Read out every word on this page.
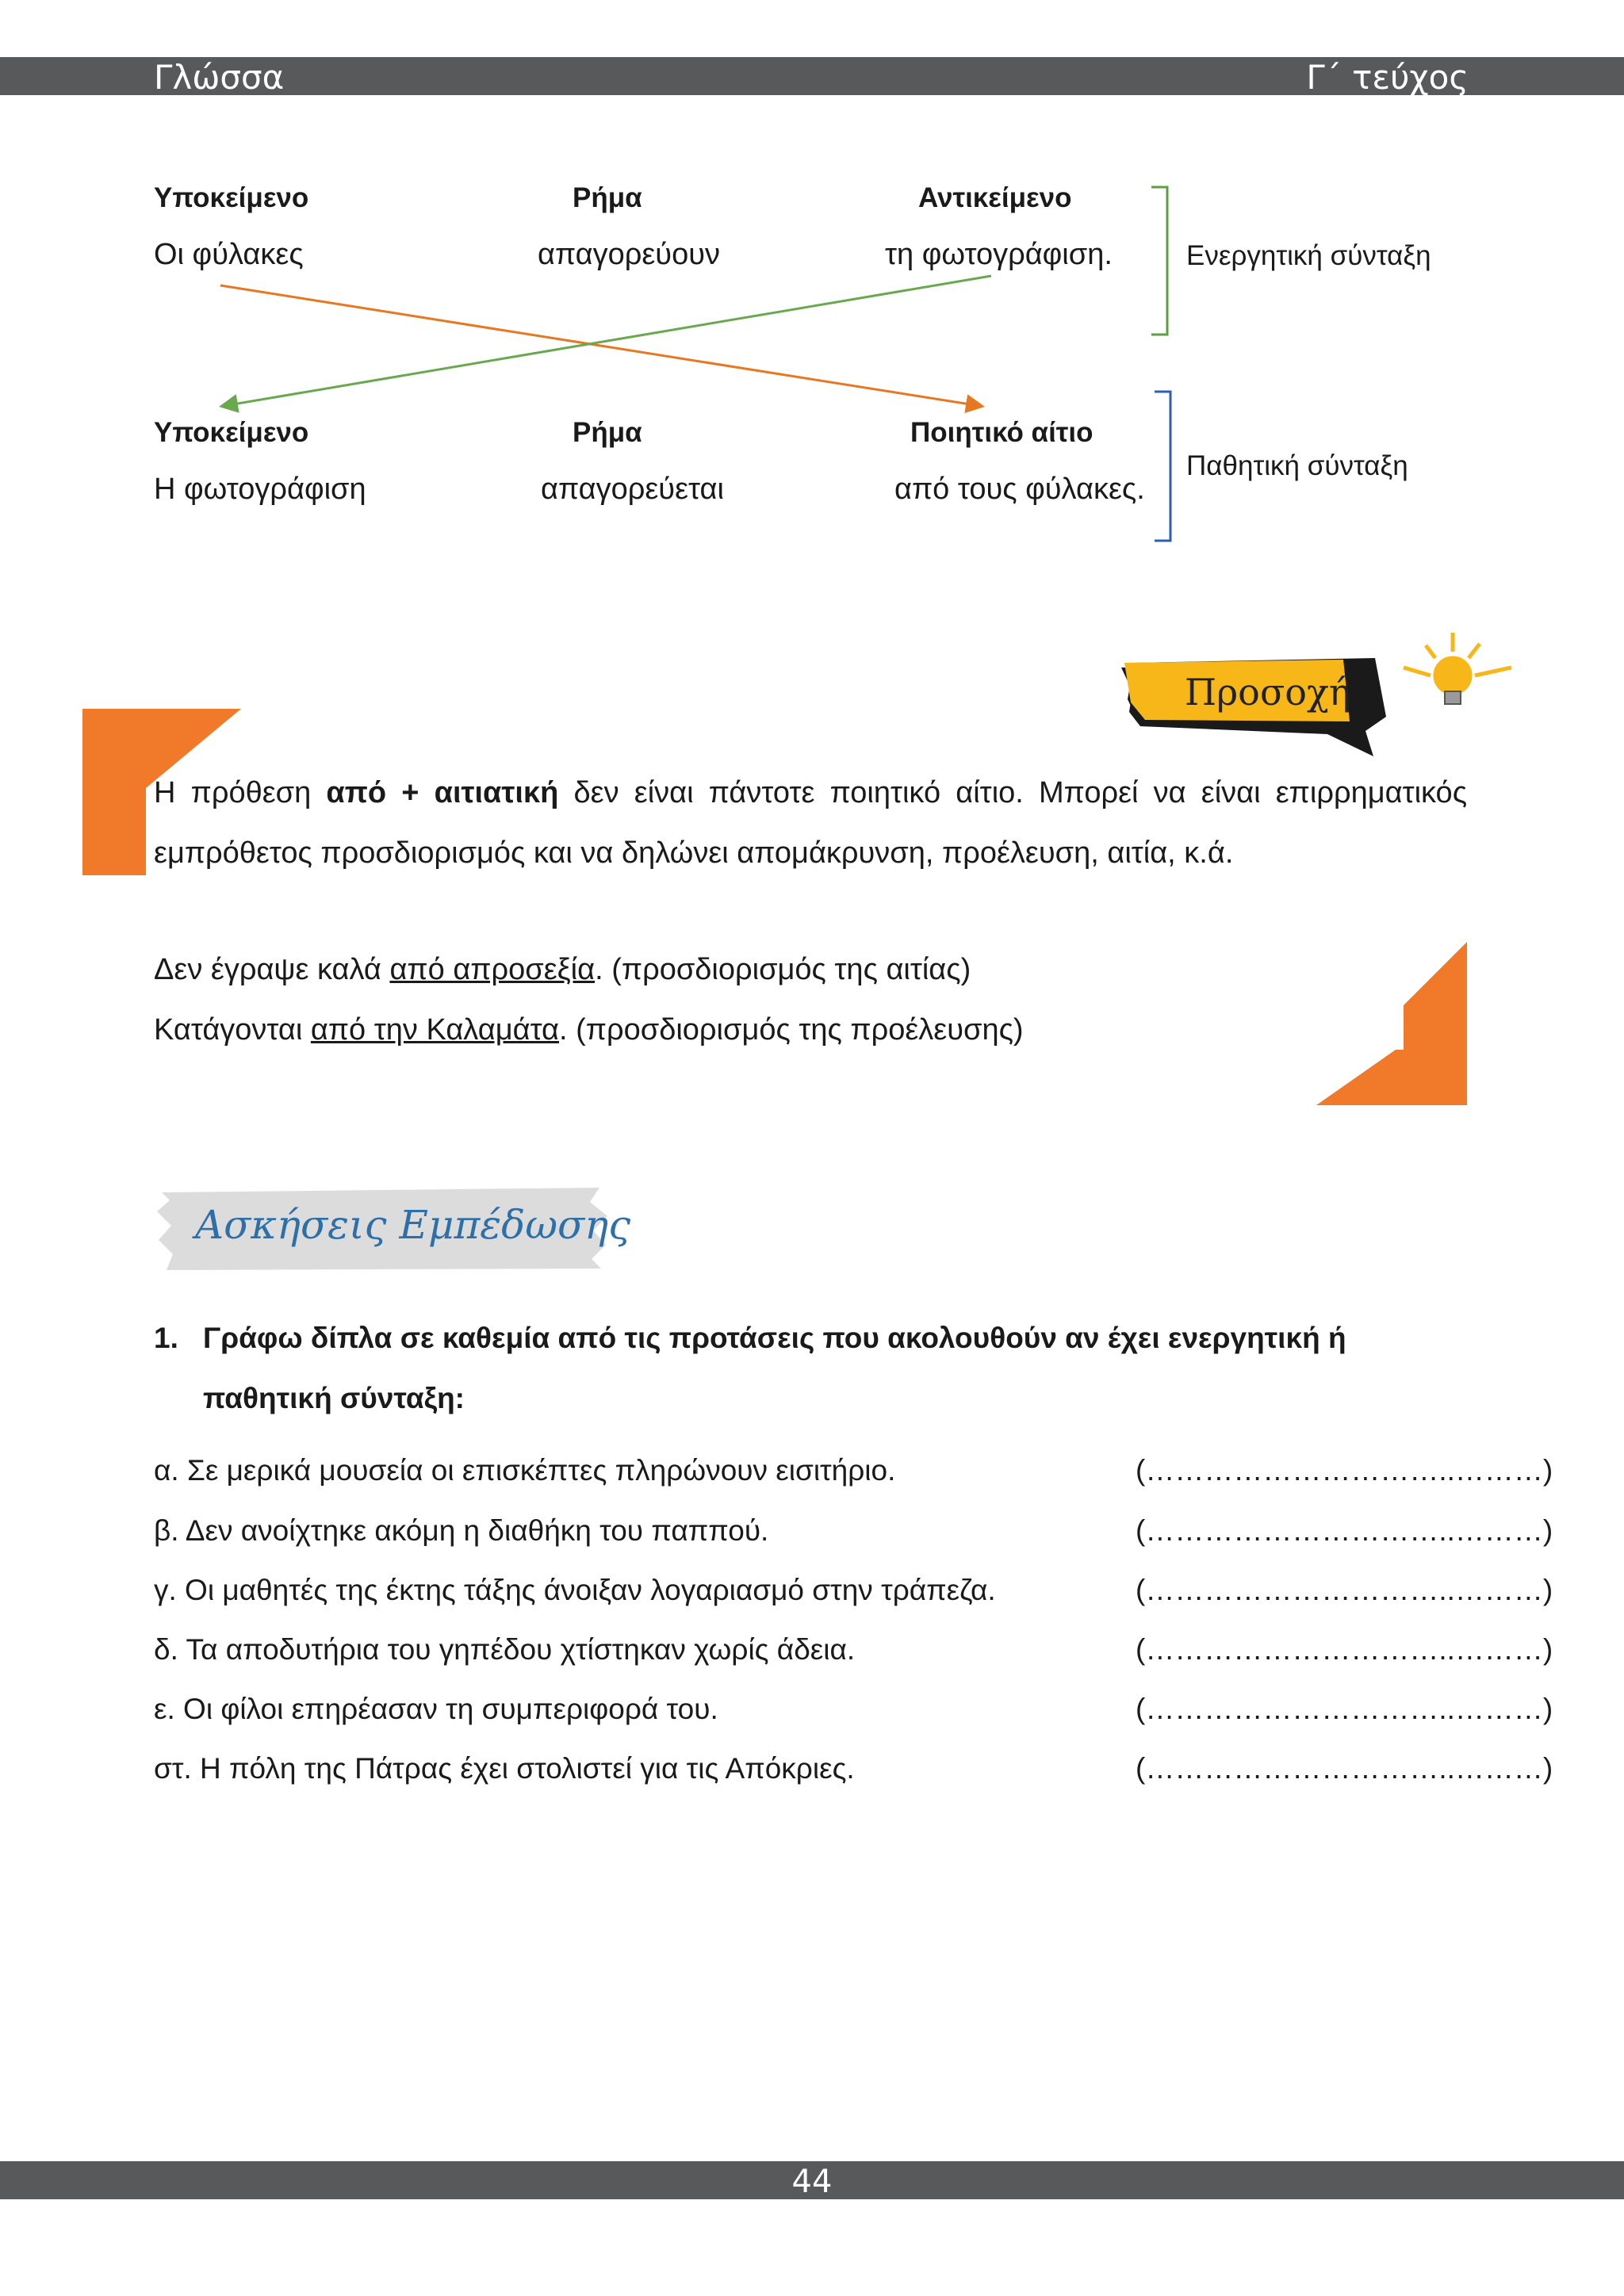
Γλώσσα	Γ΄ τεύχος
Υποκείμενο	Ρήμα	Αντικείμενο
Οι φύλακες	απαγορεύουν	τη φωτογράφιση.	Ενεργητική σύνταξη
Υποκείμενο	Ρήμα	Ποιητικό αίτιο
Η φωτογράφιση	απαγορεύεται	από τους φύλακες.
Παθητική σύνταξη
Προσοχή
Η πρόθεση από + αιτιατική δεν είναι πάντοτε ποιητικό αίτιο. Μπορεί να είναι επιρρηματικός εμπρόθετος προσδιορισμός και να δηλώνει απομάκρυνση, προέλευση, αιτία, κ.ά.
Δεν έγραψε καλά από απροσεξία. (προσδιορισμός της αιτίας)
Κατάγονται από την Καλαμάτα. (προσδιορισμός της προέλευσης)
Ασκήσεις Εμπέδωσης
1. Γράφω δίπλα σε καθεμία από τις προτάσεις που ακολουθούν αν έχει ενεργητική ή παθητική σύνταξη:
α. Σε μερικά μουσεία οι επισκέπτες πληρώνουν εισιτήριο.	(…………………………..………)
β. Δεν ανοίχτηκε ακόμη η διαθήκη του παππού.	(…………………………..………)
γ. Οι μαθητές της έκτης τάξης άνοιξαν λογαριασμό στην τράπεζα.	(…………………………..………)
δ. Τα αποδυτήρια του γηπέδου χτίστηκαν χωρίς άδεια.	(…………………………..………)
ε. Οι φίλοι επηρέασαν τη συμπεριφορά του.	(…………………………..………)
στ. Η πόλη της Πάτρας έχει στολιστεί για τις Απόκριες.	(…………………………..………)
44
